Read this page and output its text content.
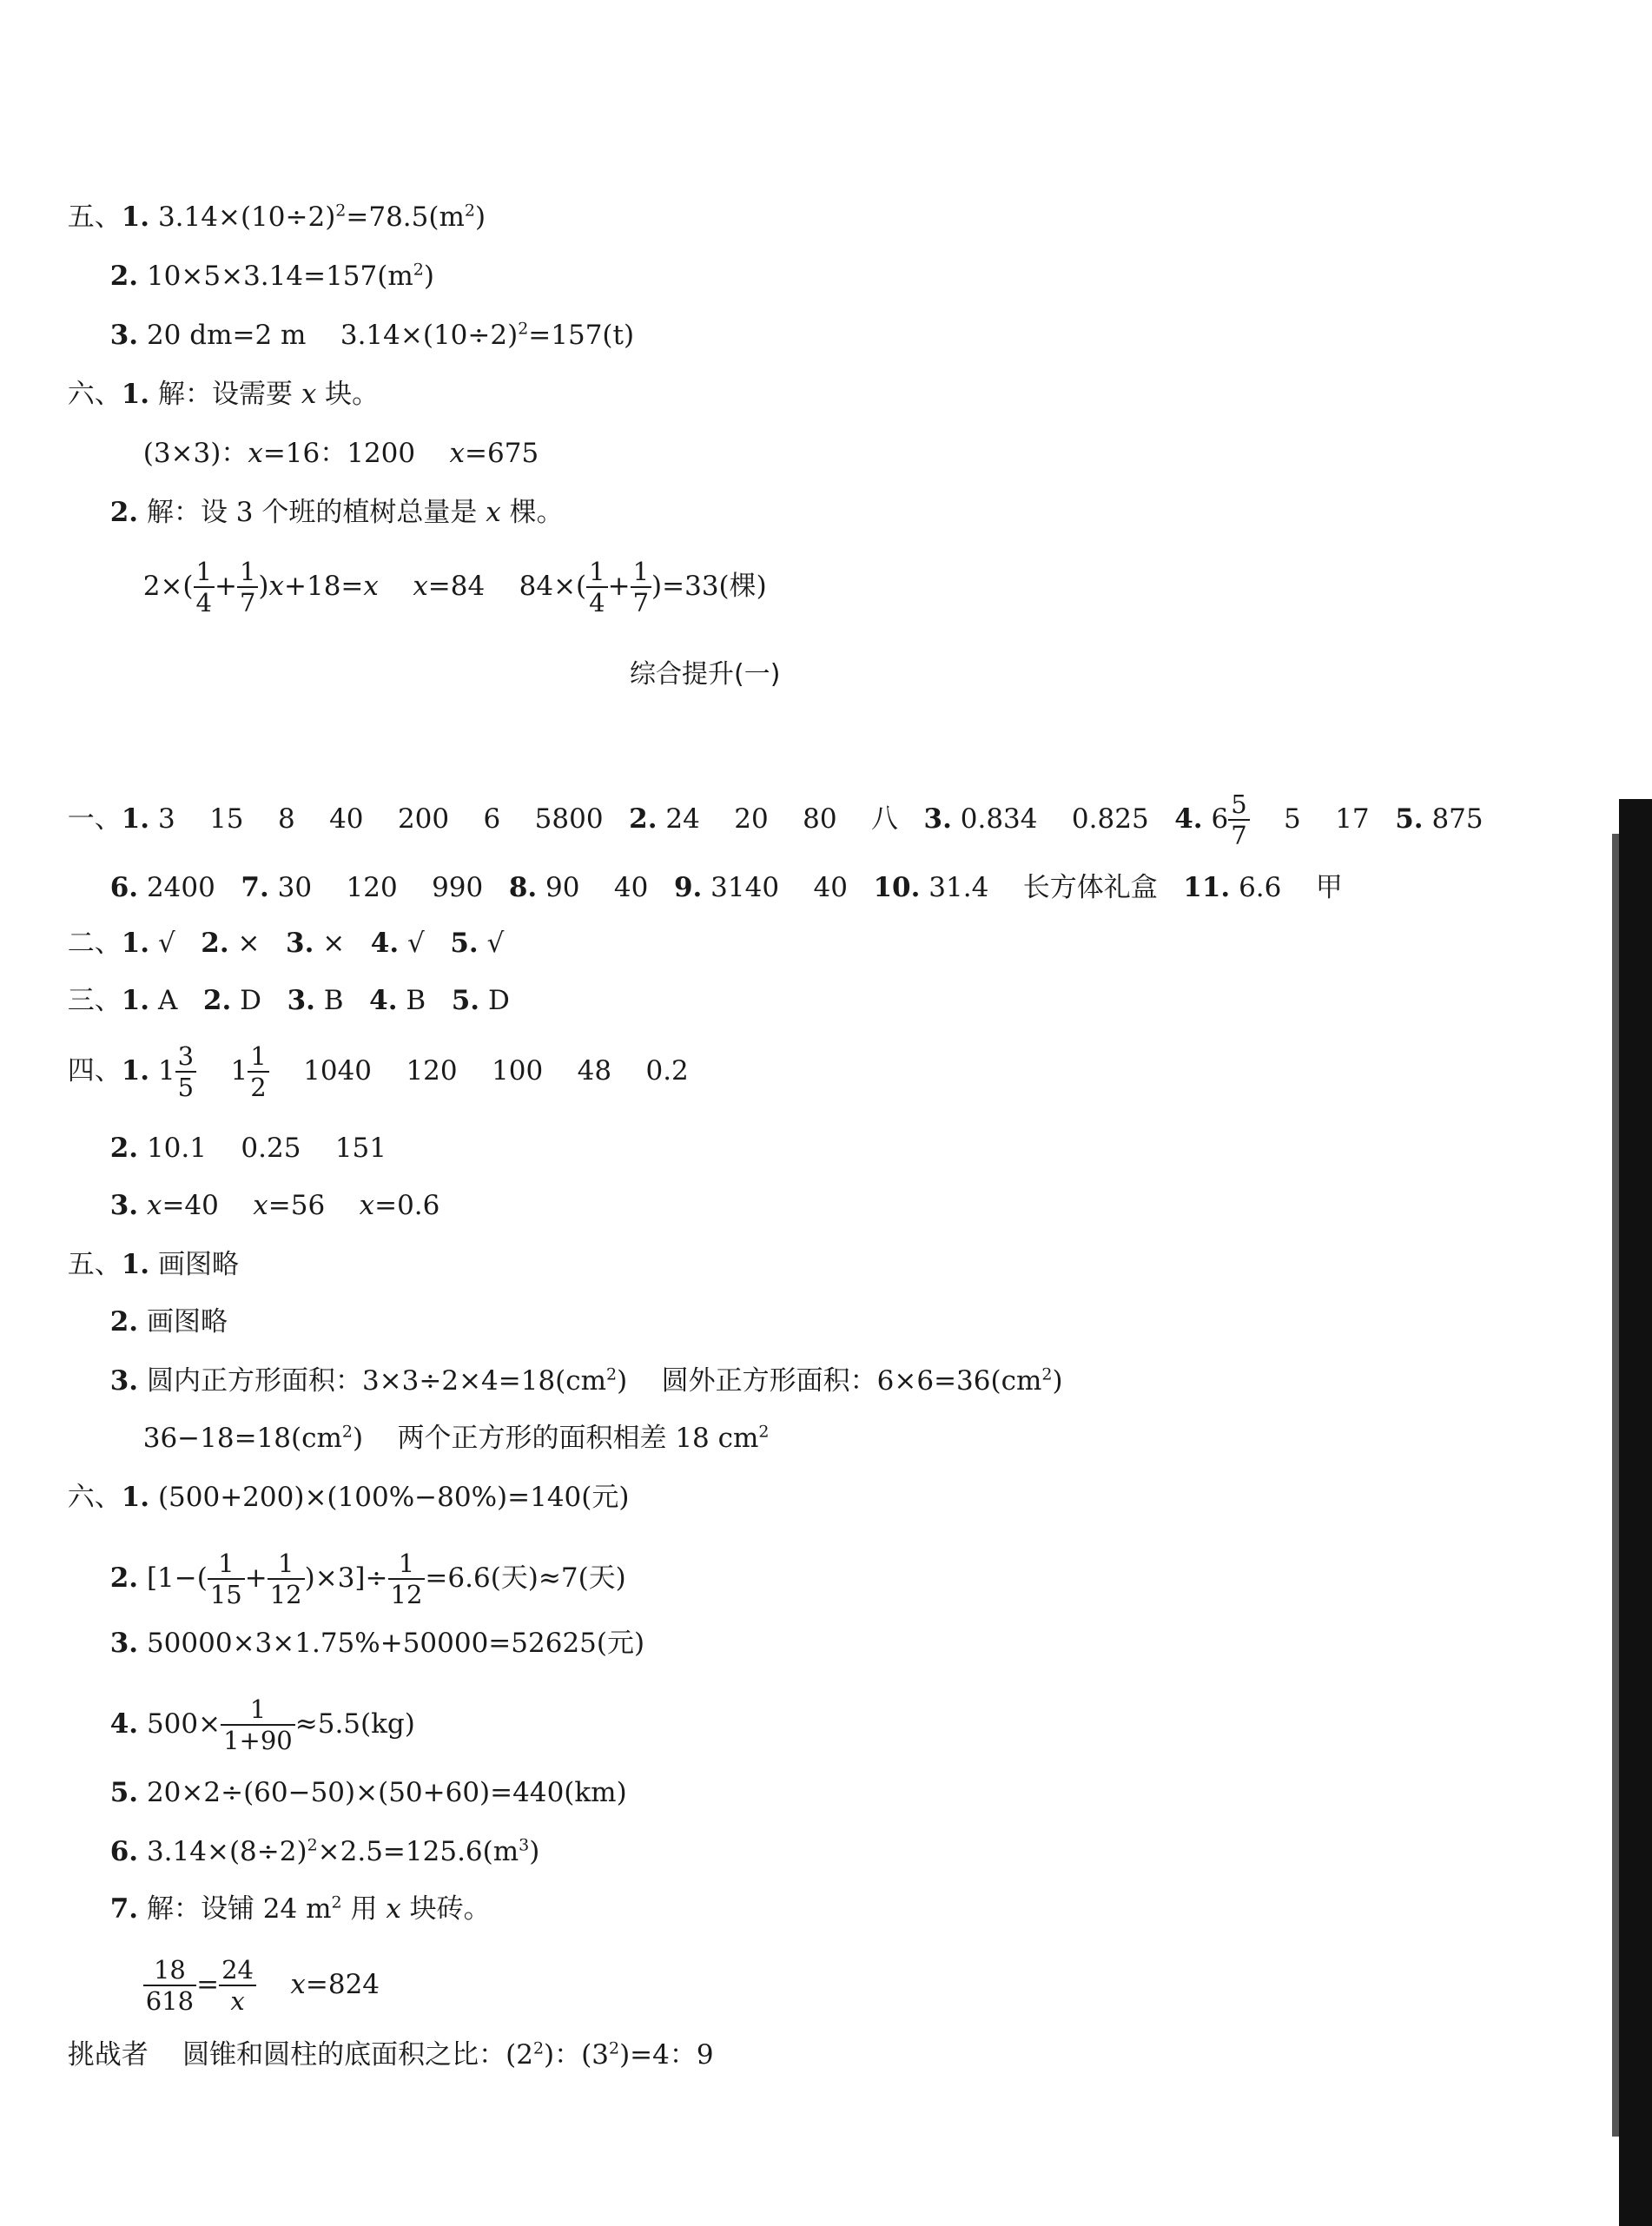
五、1. $3.14\times(10\div 2)^2=78.5(m^2)$

2. $10\times 5\times 3.14=157(m^2)$

3. 20 dm=2 m    $3.14\times(10\div 2)^2=157(t)$

六、1. 解：设需要 x 块。

(3×3)：x=16：1200    x=675

2. 解：设 3 个班的植树总量是 x 棵。

$2\times( \frac{1}{4} + \frac{1}{7} )x+18=x$ x=84    $84\times( \frac{1}{4} + \frac{1}{7} )=33$(棵)

综合提升(一)

一、1. 3    15    8    40    200    6    5800   2. 24    20    80    八   3. 0.834    0.825   4. $6 \frac{5}{7} 5$    17   5. 875

6. 2400   7. 30    120    990   8. 90    40   9. 3140    40   10. 31.4    长方体礼盒   11. 6.6    甲

二、1. √   2. ×   3. ×   4. √   5. √

三、1. A   2. D   3. B   4. B   5. D

四、1. $1 \frac{3}{5} 1 \frac{1}{2} 1040$    120    100    48    0.2

2. 10.1    0.25    151

3. x=40    x=56    x=0.6

五、1. 画图略

2. 画图略

3. 圆内正方形面积：$3\times 3\div 2\times 4=18(cm^2)$    圆外正方形面积：$6\times 6=36(cm^2)$

$36-18=18(cm^2)$    两个正方形的面积相差 18 $cm^2$

六、1. (500+200)×(100%−80%)=140(元)

2. $[1-( \frac{1}{15} + \frac{1}{12} )\times 3]\div \frac{1}{12} =6.6$(天)≈7(天)

3. 50000×3×1.75%+50000=52625(元)

4. $500\times \frac{1}{1+90} \approx 5.5(kg)$

5. 20×2÷(60−50)×(50+60)=440(km)

6. $3.14\times(8\div 2)^2\times 2.5=125.6(m^3)$

7. 解：设铺 24 $m^2$ 用 x 块砖。

$\frac{18}{618} = \frac{24}{x} x=824$

挑战者    圆锥和圆柱的底面积之比：$(2^2)$：$(3^2)=4$：9
